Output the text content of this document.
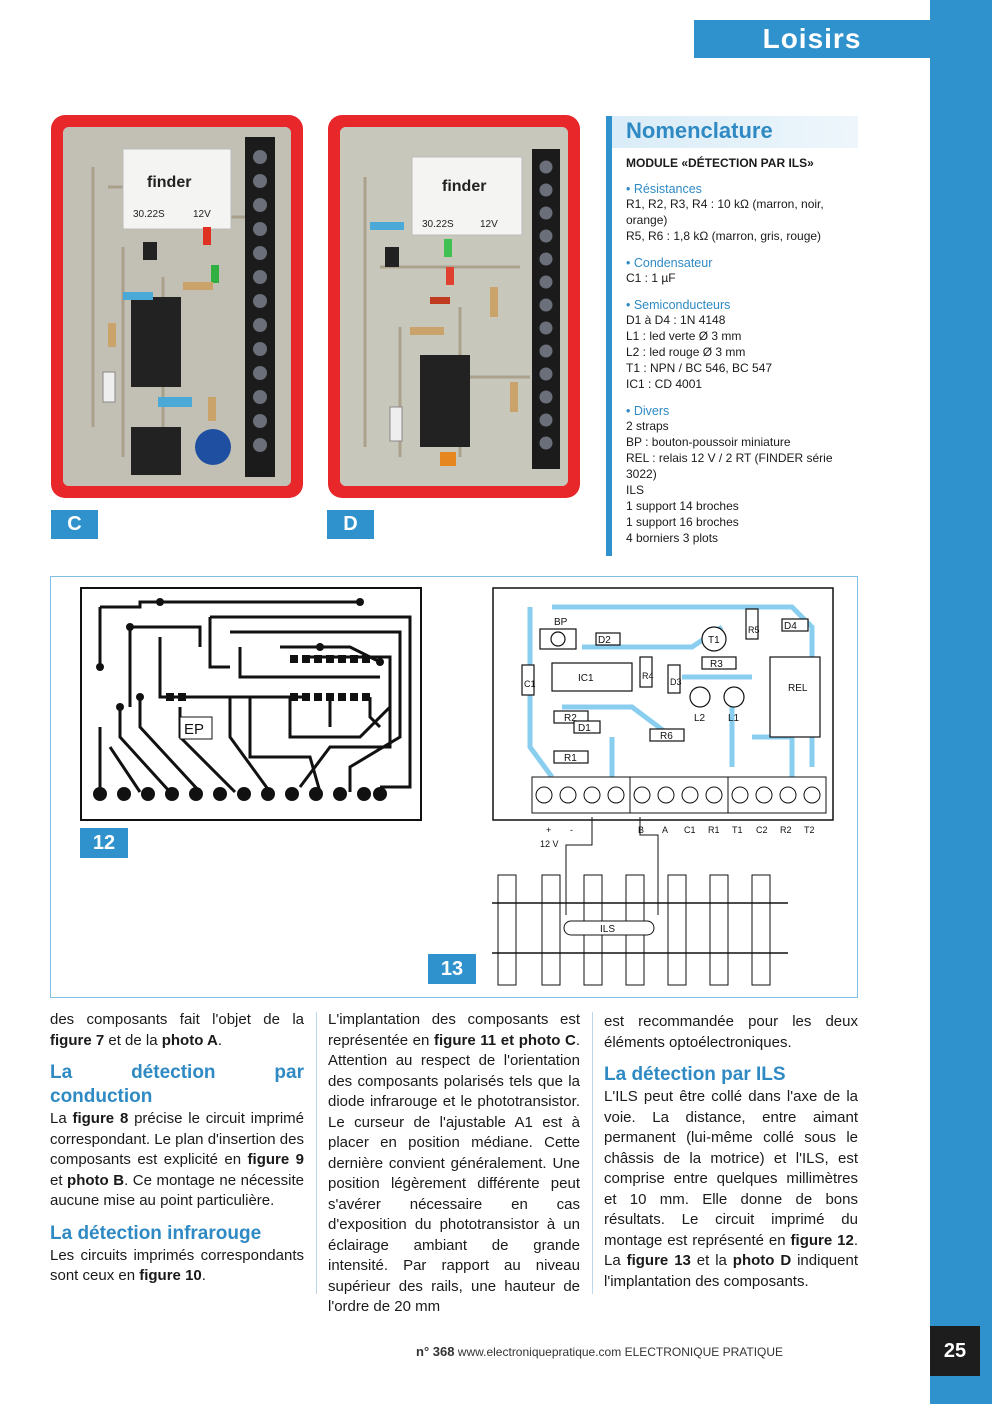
25
Loisirs
finder
30.22S	12V
C
finder
30.22S	12V
D
Nomenclature
MODULE «DÉTECTION PAR ILS»
• Résistances
R1, R2, R3, R4 : 10 kΩ (marron, noir, orange)
R5, R6 : 1,8 kΩ (marron, gris, rouge)
• Condensateur
C1 : 1 µF
• Semiconducteurs
D1 à D4 : 1N 4148
L1 : led verte Ø 3 mm
L2 : led rouge Ø 3 mm
T1 : NPN / BC 546, BC 547
IC1 : CD 4001
• Divers
2 straps
BP : bouton-poussoir miniature
REL : relais 12 V / 2 RT (FINDER série 3022)
ILS
1 support 14 broches
1 support 16 broches
4 borniers 3 plots
EP
12
BP
D2	T1
R5 D4
R3
C1	IC1	R4
D3
REL
R2
D1
L2 L1
R6
R1
+ -
12 V
B A C1 R1 T1 C2 R2 T2
ILS
13

des composants fait l'objet de la figure 7 et de la photo A.

La détection par conduction

La figure 8 précise le circuit imprimé correspondant. Le plan d'insertion des composants est explicité en figure 9 et photo B. Ce montage ne nécessite aucune mise au point particulière.

La détection infrarouge

Les circuits imprimés correspondants sont ceux en figure 10.

L'implantation des composants est représentée en figure 11 et photo C. Attention au respect de l'orientation des composants polarisés tels que la diode infrarouge et le phototransistor. Le curseur de l'ajustable A1 est à placer en position médiane. Cette dernière convient généralement. Une position légèrement différente peut s'avérer nécessaire en cas d'exposition du phototransistor à un éclairage ambiant de grande intensité. Par rapport au niveau supérieur des rails, une hauteur de l'ordre de 20 mm

est recommandée pour les deux éléments optoélectroniques.

La détection par ILS

L'ILS peut être collé dans l'axe de la voie. La distance, entre aimant permanent (lui-même collé sous le châssis de la motrice) et l'ILS, est comprise entre quelques millimètres et 10 mm. Elle donne de bons résultats. Le circuit imprimé du montage est représenté en figure 12. La figure 13 et la photo D indiquent l'implantation des composants.

n° 368 www.electroniquepratique.com ELECTRONIQUE PRATIQUE
